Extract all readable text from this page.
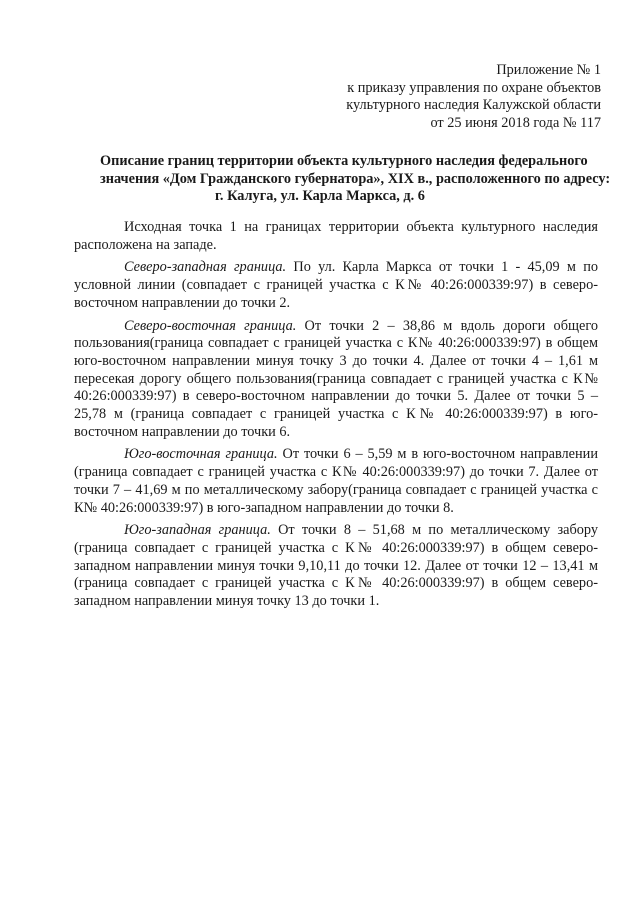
Приложение № 1
к приказу управления по охране объектов
культурного наследия Калужской области
от 25 июня 2018 года № 117
Описание границ территории объекта культурного наследия федерального
значения «Дом Гражданского губернатора», XIX в., расположенного по адресу:
г. Калуга, ул. Карла Маркса, д. 6

Исходная точка 1 на границах территории объекта культурного наследия расположена на западе.

Северо-западная граница. По ул. Карла Маркса от точки 1 - 45,09 м по условной линии (совпадает с границей участка с К№ 40:26:000339:97) в северо-восточном направлении до точки 2.

Северо-восточная граница. От точки 2 – 38,86 м вдоль дороги общего пользования(граница совпадает с границей участка с К№ 40:26:000339:97) в общем юго-восточном направлении минуя точку 3 до точки 4. Далее от точки 4 – 1,61 м пересекая дорогу общего пользования(граница совпадает с границей участка с К№ 40:26:000339:97) в северо-восточном направлении до точки 5. Далее от точки 5 – 25,78 м (граница совпадает с границей участка с К№ 40:26:000339:97) в юго-восточном направлении до точки 6.

Юго-восточная граница. От точки 6 – 5,59 м в юго-восточном направлении (граница совпадает с границей участка с К№ 40:26:000339:97) до точки 7. Далее от точки 7 – 41,69 м по металлическому забору(граница совпадает с границей участка с К№ 40:26:000339:97) в юго-западном направлении до точки 8.

Юго-западная граница. От точки 8 – 51,68 м по металлическому забору (граница совпадает с границей участка с К№ 40:26:000339:97) в общем северо-западном направлении минуя точки 9,10,11 до точки 12. Далее от точки 12 – 13,41 м (граница совпадает с границей участка с К№ 40:26:000339:97) в общем северо-западном направлении минуя точку 13 до точки 1.
